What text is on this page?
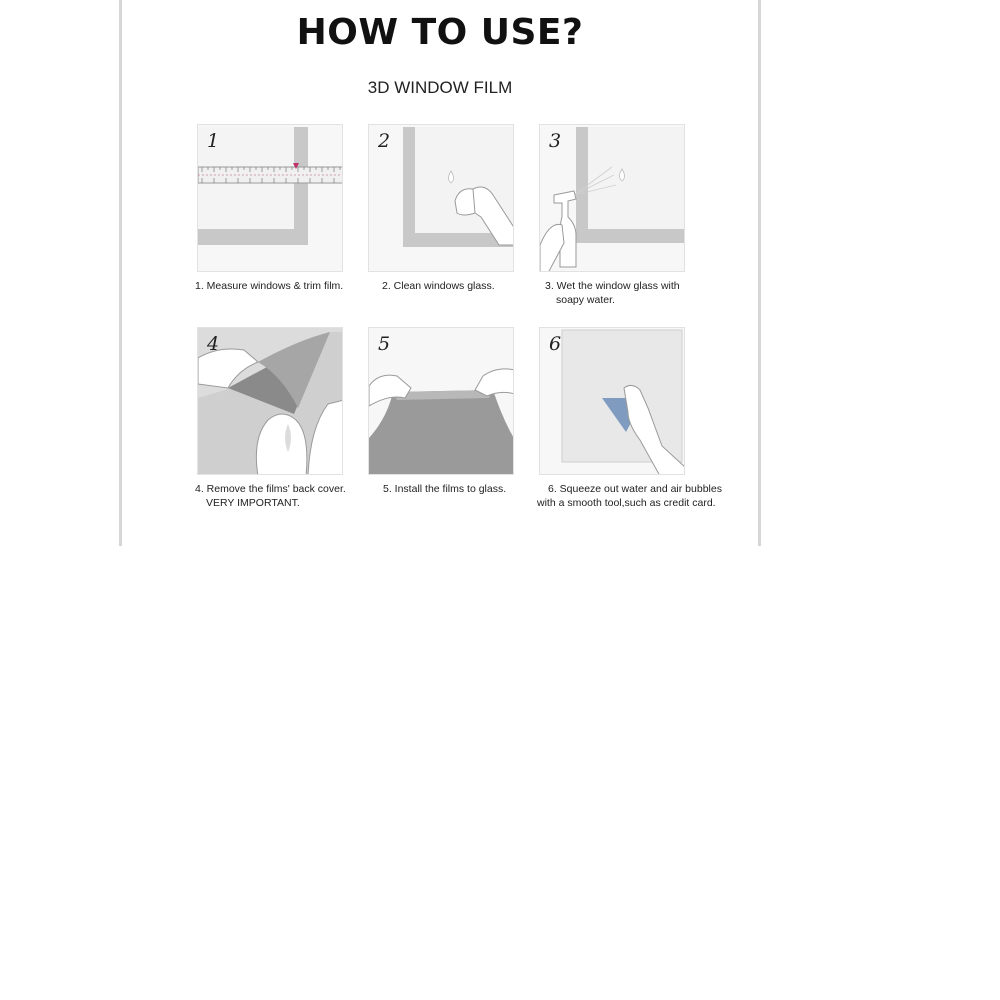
HOW TO USE?
3D WINDOW FILM
1
1. Measure windows & trim film.
2
2. Clean windows glass.
3
3. Wet the window glass with
soapy water.
4
4. Remove the films' back cover.
VERY IMPORTANT.
5
5. Install the films to glass.
6
6. Squeeze out water and air bubbles
with a smooth tool,such as credit card.
